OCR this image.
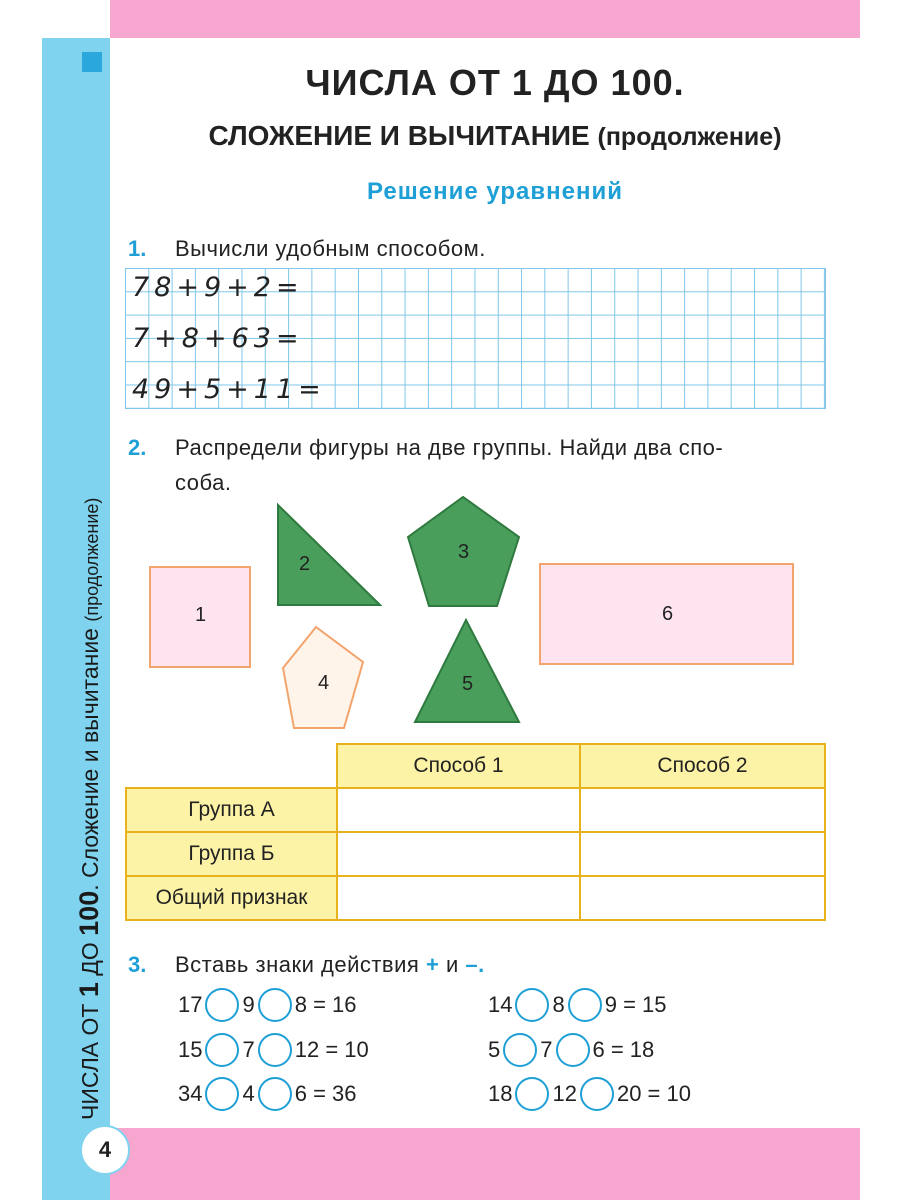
ЧИСЛА ОТ 1 ДО 100. Сложение и вычитание (продолжение)
4
ЧИСЛА ОТ 1 ДО 100.
СЛОЖЕНИЕ И ВЫЧИТАНИЕ (продолжение)
Решение уравнений
1. Вычисли удобным способом.
78+9+2=
7+8+63=
49+5+11=
2. Распредели фигуры на две группы. Найди два спо-
соба.
1
2
3
4	5
6
	Способ 1	Способ 2
Группа А		
Группа Б		
Общий признак		
3. Вставь знаки действия + и –.
17 9 8 = 16
15 7 12 = 10
34 4 6 = 36
14 8 9 = 15
5 7 6 = 18
18 12 20 = 10
